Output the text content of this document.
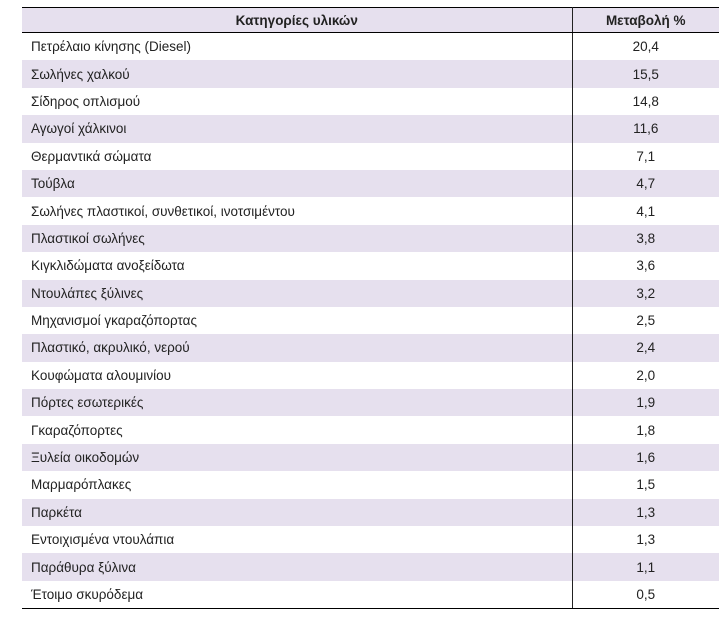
Κατηγορίες υλικών	Μεταβολή %
Πετρέλαιο κίνησης (Diesel)	20,4
Σωλήνες χαλκού	15,5
Σίδηρος οπλισμού	14,8
Αγωγοί χάλκινοι	11,6
Θερμαντικά σώματα	7,1
Τούβλα	4,7
Σωλήνες πλαστικοί, συνθετικοί, ινοτσιμέντου	4,1
Πλαστικοί σωλήνες	3,8
Κιγκλιδώματα ανοξείδωτα	3,6
Ντουλάπες ξύλινες	3,2
Μηχανισμοί γκαραζόπορτας	2,5
Πλαστικό, ακρυλικό, νερού	2,4
Κουφώματα αλουμινίου	2,0
Πόρτες εσωτερικές	1,9
Γκαραζόπορτες	1,8
Ξυλεία οικοδομών	1,6
Μαρμαρόπλακες	1,5
Παρκέτα	1,3
Εντοιχισμένα ντουλάπια	1,3
Παράθυρα ξύλινα	1,1
Έτοιμο σκυρόδεμα	0,5
